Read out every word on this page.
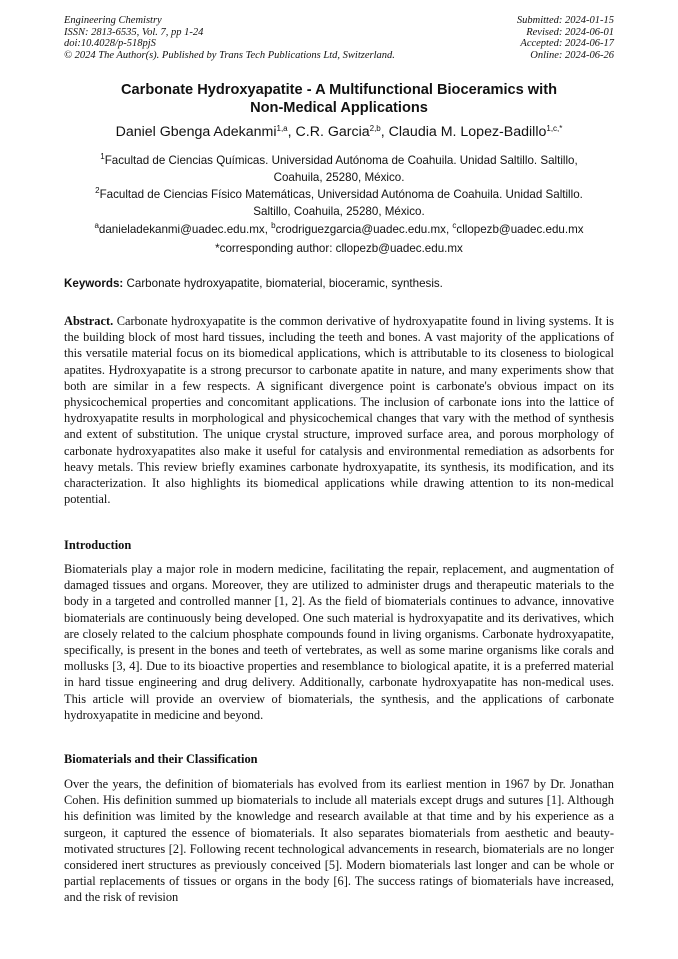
Engineering Chemistry
ISSN: 2813-6535, Vol. 7, pp 1-24
doi:10.4028/p-518pjS
© 2024 The Author(s). Published by Trans Tech Publications Ltd, Switzerland.
Submitted: 2024-01-15
Revised: 2024-06-01
Accepted: 2024-06-17
Online: 2024-06-26
Carbonate Hydroxyapatite - A Multifunctional Bioceramics with
Non-Medical Applications
Daniel Gbenga Adekanmi$^{1,a}$, C.R. Garcia$^{2,b}$, Claudia M. Lopez-Badillo$^{1,c,*}$
$^1$Facultad de Ciencias Químicas. Universidad Autónoma de Coahuila. Unidad Saltillo. Saltillo,
Coahuila, 25280, México.
$^2$Facultad de Ciencias Físico Matemáticas, Universidad Autónoma de Coahuila. Unidad Saltillo.
Saltillo, Coahuila, 25280, México.
$^a$danieladekanmi@uadec.edu.mx, $^b$crodriguezgarcia@uadec.edu.mx, $^c$cllopezb@uadec.edu.mx
*corresponding author: cllopezb@uadec.edu.mx
Keywords: Carbonate hydroxyapatite, biomaterial, bioceramic, synthesis.
Abstract. Carbonate hydroxyapatite is the common derivative of hydroxyapatite found in living systems. It is the building block of most hard tissues, including the teeth and bones. A vast majority of the applications of this versatile material focus on its biomedical applications, which is attributable to its closeness to biological apatites. Hydroxyapatite is a strong precursor to carbonate apatite in nature, and many experiments show that both are similar in a few respects. A significant divergence point is carbonate's obvious impact on its physicochemical properties and concomitant applications. The inclusion of carbonate ions into the lattice of hydroxyapatite results in morphological and physicochemical changes that vary with the method of synthesis and extent of substitution. The unique crystal structure, improved surface area, and porous morphology of carbonate hydroxyapatites also make it useful for catalysis and environmental remediation as adsorbents for heavy metals. This review briefly examines carbonate hydroxyapatite, its synthesis, its modification, and its characterization. It also highlights its biomedical applications while drawing attention to its non-medical potential.
Introduction
Biomaterials play a major role in modern medicine, facilitating the repair, replacement, and augmentation of damaged tissues and organs. Moreover, they are utilized to administer drugs and therapeutic materials to the body in a targeted and controlled manner [1, 2]. As the field of biomaterials continues to advance, innovative biomaterials are continuously being developed. One such material is hydroxyapatite and its derivatives, which are closely related to the calcium phosphate compounds found in living organisms. Carbonate hydroxyapatite, specifically, is present in the bones and teeth of vertebrates, as well as some marine organisms like corals and mollusks [3, 4]. Due to its bioactive properties and resemblance to biological apatite, it is a preferred material in hard tissue engineering and drug delivery. Additionally, carbonate hydroxyapatite has non-medical uses. This article will provide an overview of biomaterials, the synthesis, and the applications of carbonate hydroxyapatite in medicine and beyond.
Biomaterials and their Classification
Over the years, the definition of biomaterials has evolved from its earliest mention in 1967 by Dr. Jonathan Cohen. His definition summed up biomaterials to include all materials except drugs and sutures [1]. Although his definition was limited by the knowledge and research available at that time and by his experience as a surgeon, it captured the essence of biomaterials. It also separates biomaterials from aesthetic and beauty-motivated structures [2]. Following recent technological advancements in research, biomaterials are no longer considered inert structures as previously conceived [5]. Modern biomaterials last longer and can be whole or partial replacements of tissues or organs in the body [6]. The success ratings of biomaterials have increased, and the risk of revision
